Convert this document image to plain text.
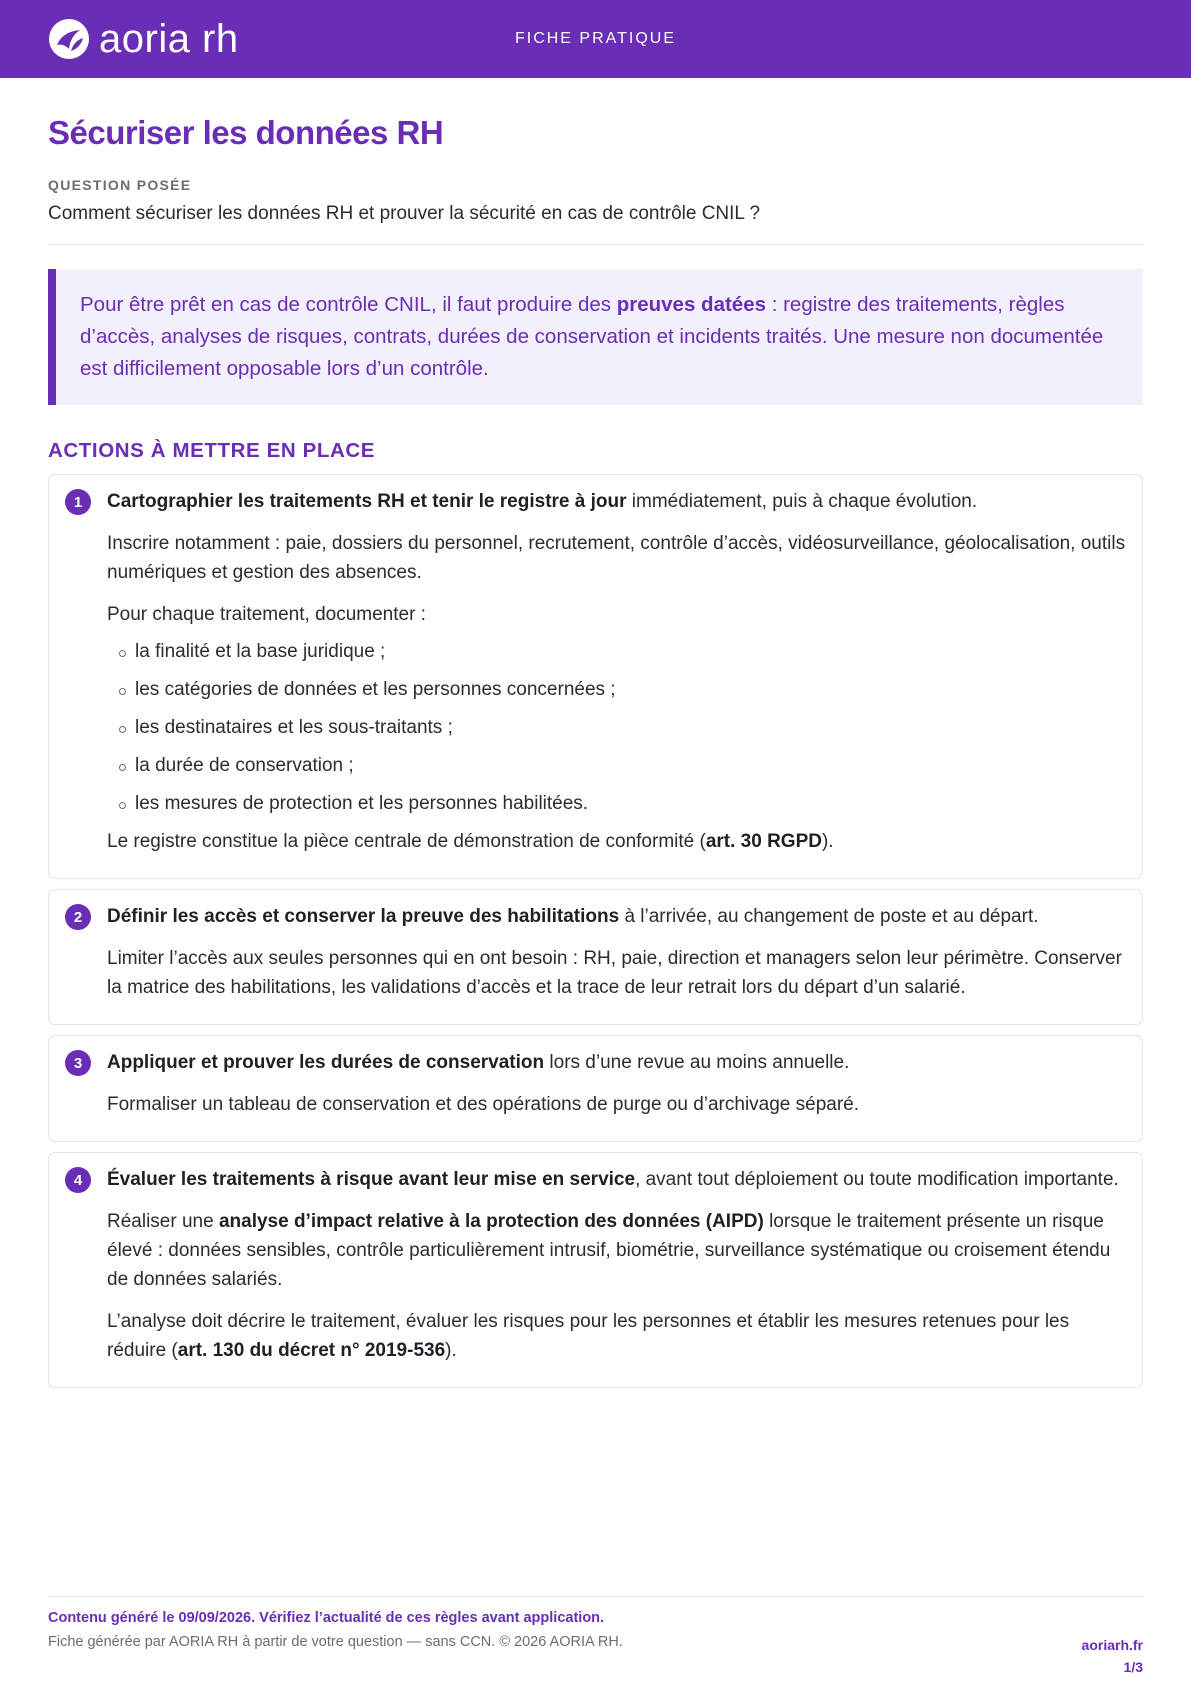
aoria rh	FICHE PRATIQUE
Sécuriser les données RH
QUESTION POSÉE
Comment sécuriser les données RH et prouver la sécurité en cas de contrôle CNIL ?
Pour être prêt en cas de contrôle CNIL, il faut produire des preuves datées : registre des traitements, règles d’accès, analyses de risques, contrats, durées de conservation et incidents traités. Une mesure non documentée est difficilement opposable lors d’un contrôle.
ACTIONS À METTRE EN PLACE
1	Cartographier les traitements RH et tenir le registre à jour immédiatement, puis à chaque évolution.

Inscrire notamment : paie, dossiers du personnel, recrutement, contrôle d’accès, vidéosurveillance, géolocalisation, outils numériques et gestion des absences.

Pour chaque traitement, documenter :

la finalité et la base juridique ;
les catégories de données et les personnes concernées ;
les destinataires et les sous-traitants ;
la durée de conservation ;
les mesures de protection et les personnes habilitées.

Le registre constitue la pièce centrale de démonstration de conformité (art. 30 RGPD).

2	Définir les accès et conserver la preuve des habilitations à l’arrivée, au changement de poste et au départ.

Limiter l’accès aux seules personnes qui en ont besoin : RH, paie, direction et managers selon leur périmètre. Conserver la matrice des habilitations, les validations d’accès et la trace de leur retrait lors du départ d’un salarié.

3	Appliquer et prouver les durées de conservation lors d’une revue au moins annuelle.

Formaliser un tableau de conservation et des opérations de purge ou d’archivage séparé.

4	Évaluer les traitements à risque avant leur mise en service, avant tout déploiement ou toute modification importante.

Réaliser une analyse d’impact relative à la protection des données (AIPD) lorsque le traitement présente un risque élevé : données sensibles, contrôle particulièrement intrusif, biométrie, surveillance systématique ou croisement étendu de données salariés.

L’analyse doit décrire le traitement, évaluer les risques pour les personnes et établir les mesures retenues pour les réduire (art. 130 du décret n° 2019-536).

Contenu généré le 09/09/2026. Vérifiez l’actualité de ces règles avant application.
Fiche générée par AORIA RH à partir de votre question — sans CCN. © 2026 AORIA RH.	aoriarh.fr
1/3
